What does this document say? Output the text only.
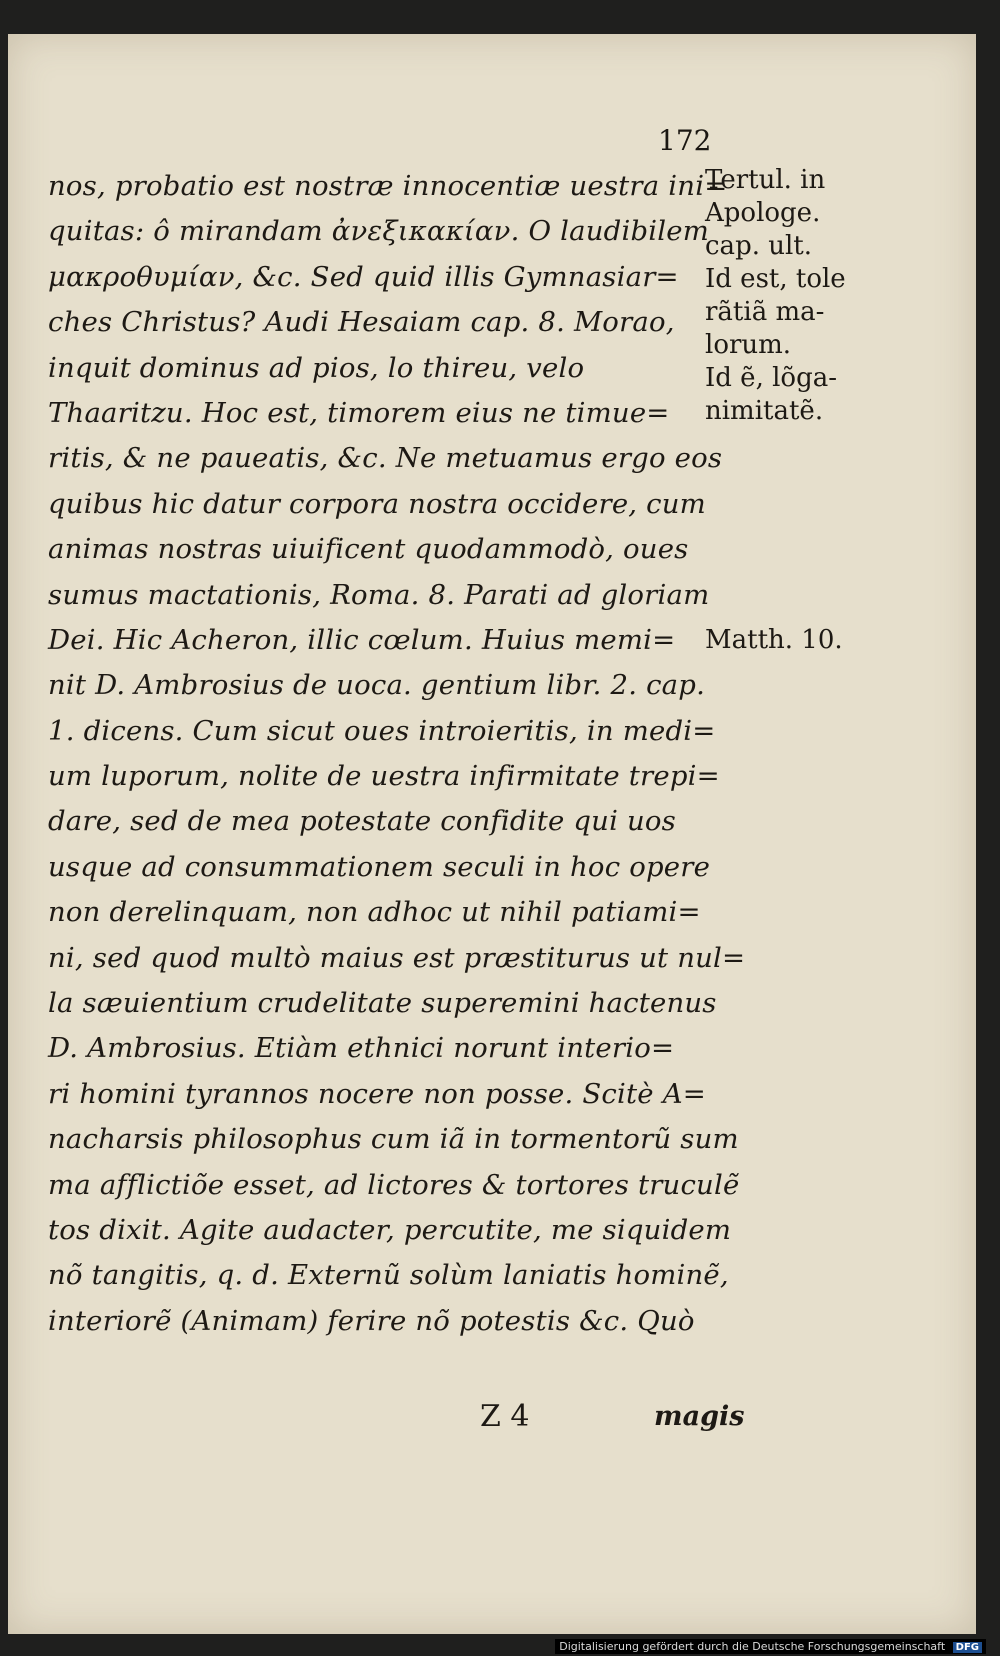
172
nos, probatio est nostræ innocentiæ uestra ini=
quitas: ô mirandam ἀνεξικακίαν. O laudibilem
μακροθυμίαν, &c. Sed quid illis Gymnasiar=
ches Christus? Audi Hesaiam cap. 8. Morao,
inquit dominus ad pios, lo thireu, velo
Thaaritzu. Hoc est, timorem eius ne timue=
ritis, & ne paueatis, &c. Ne metuamus ergo eos
quibus hic datur corpora nostra occidere, cum
animas nostras uiuificent quodammodò, oues
sumus mactationis, Roma. 8. Parati ad gloriam
Dei. Hic Acheron, illic cœlum. Huius memi=
nit D. Ambrosius de uoca. gentium libr. 2. cap.
1. dicens. Cum sicut oues introieritis, in medi=
um luporum, nolite de uestra infirmitate trepi=
dare, sed de mea potestate confidite qui uos
usque ad consummationem seculi in hoc opere
non derelinquam, non adhoc ut nihil patiami=
ni, sed quod multò maius est præstiturus ut nul=
la sæuientium crudelitate superemini hactenus
D. Ambrosius. Etiàm ethnici norunt interio=
ri homini tyrannos nocere non posse. Scitè A=
nacharsis philosophus cum iã in tormentorũ sum
ma afflictiõe esset, ad lictores & tortores truculẽ
tos dixit. Agite audacter, percutite, me siquidem
nõ tangitis, q. d. Externũ solùm laniatis hominẽ,
interiorẽ (Animam) ferire nõ potestis &c. Quò
Tertul. in
Apologe.
cap. ult.
Id est, tole
rãtiã ma-
lorum.
Id ẽ, lõga-
nimitatẽ.
Matth. 10.
Z 4	magis
Digitalisierung gefördert durch die Deutsche Forschungsgemeinschaft DFG
